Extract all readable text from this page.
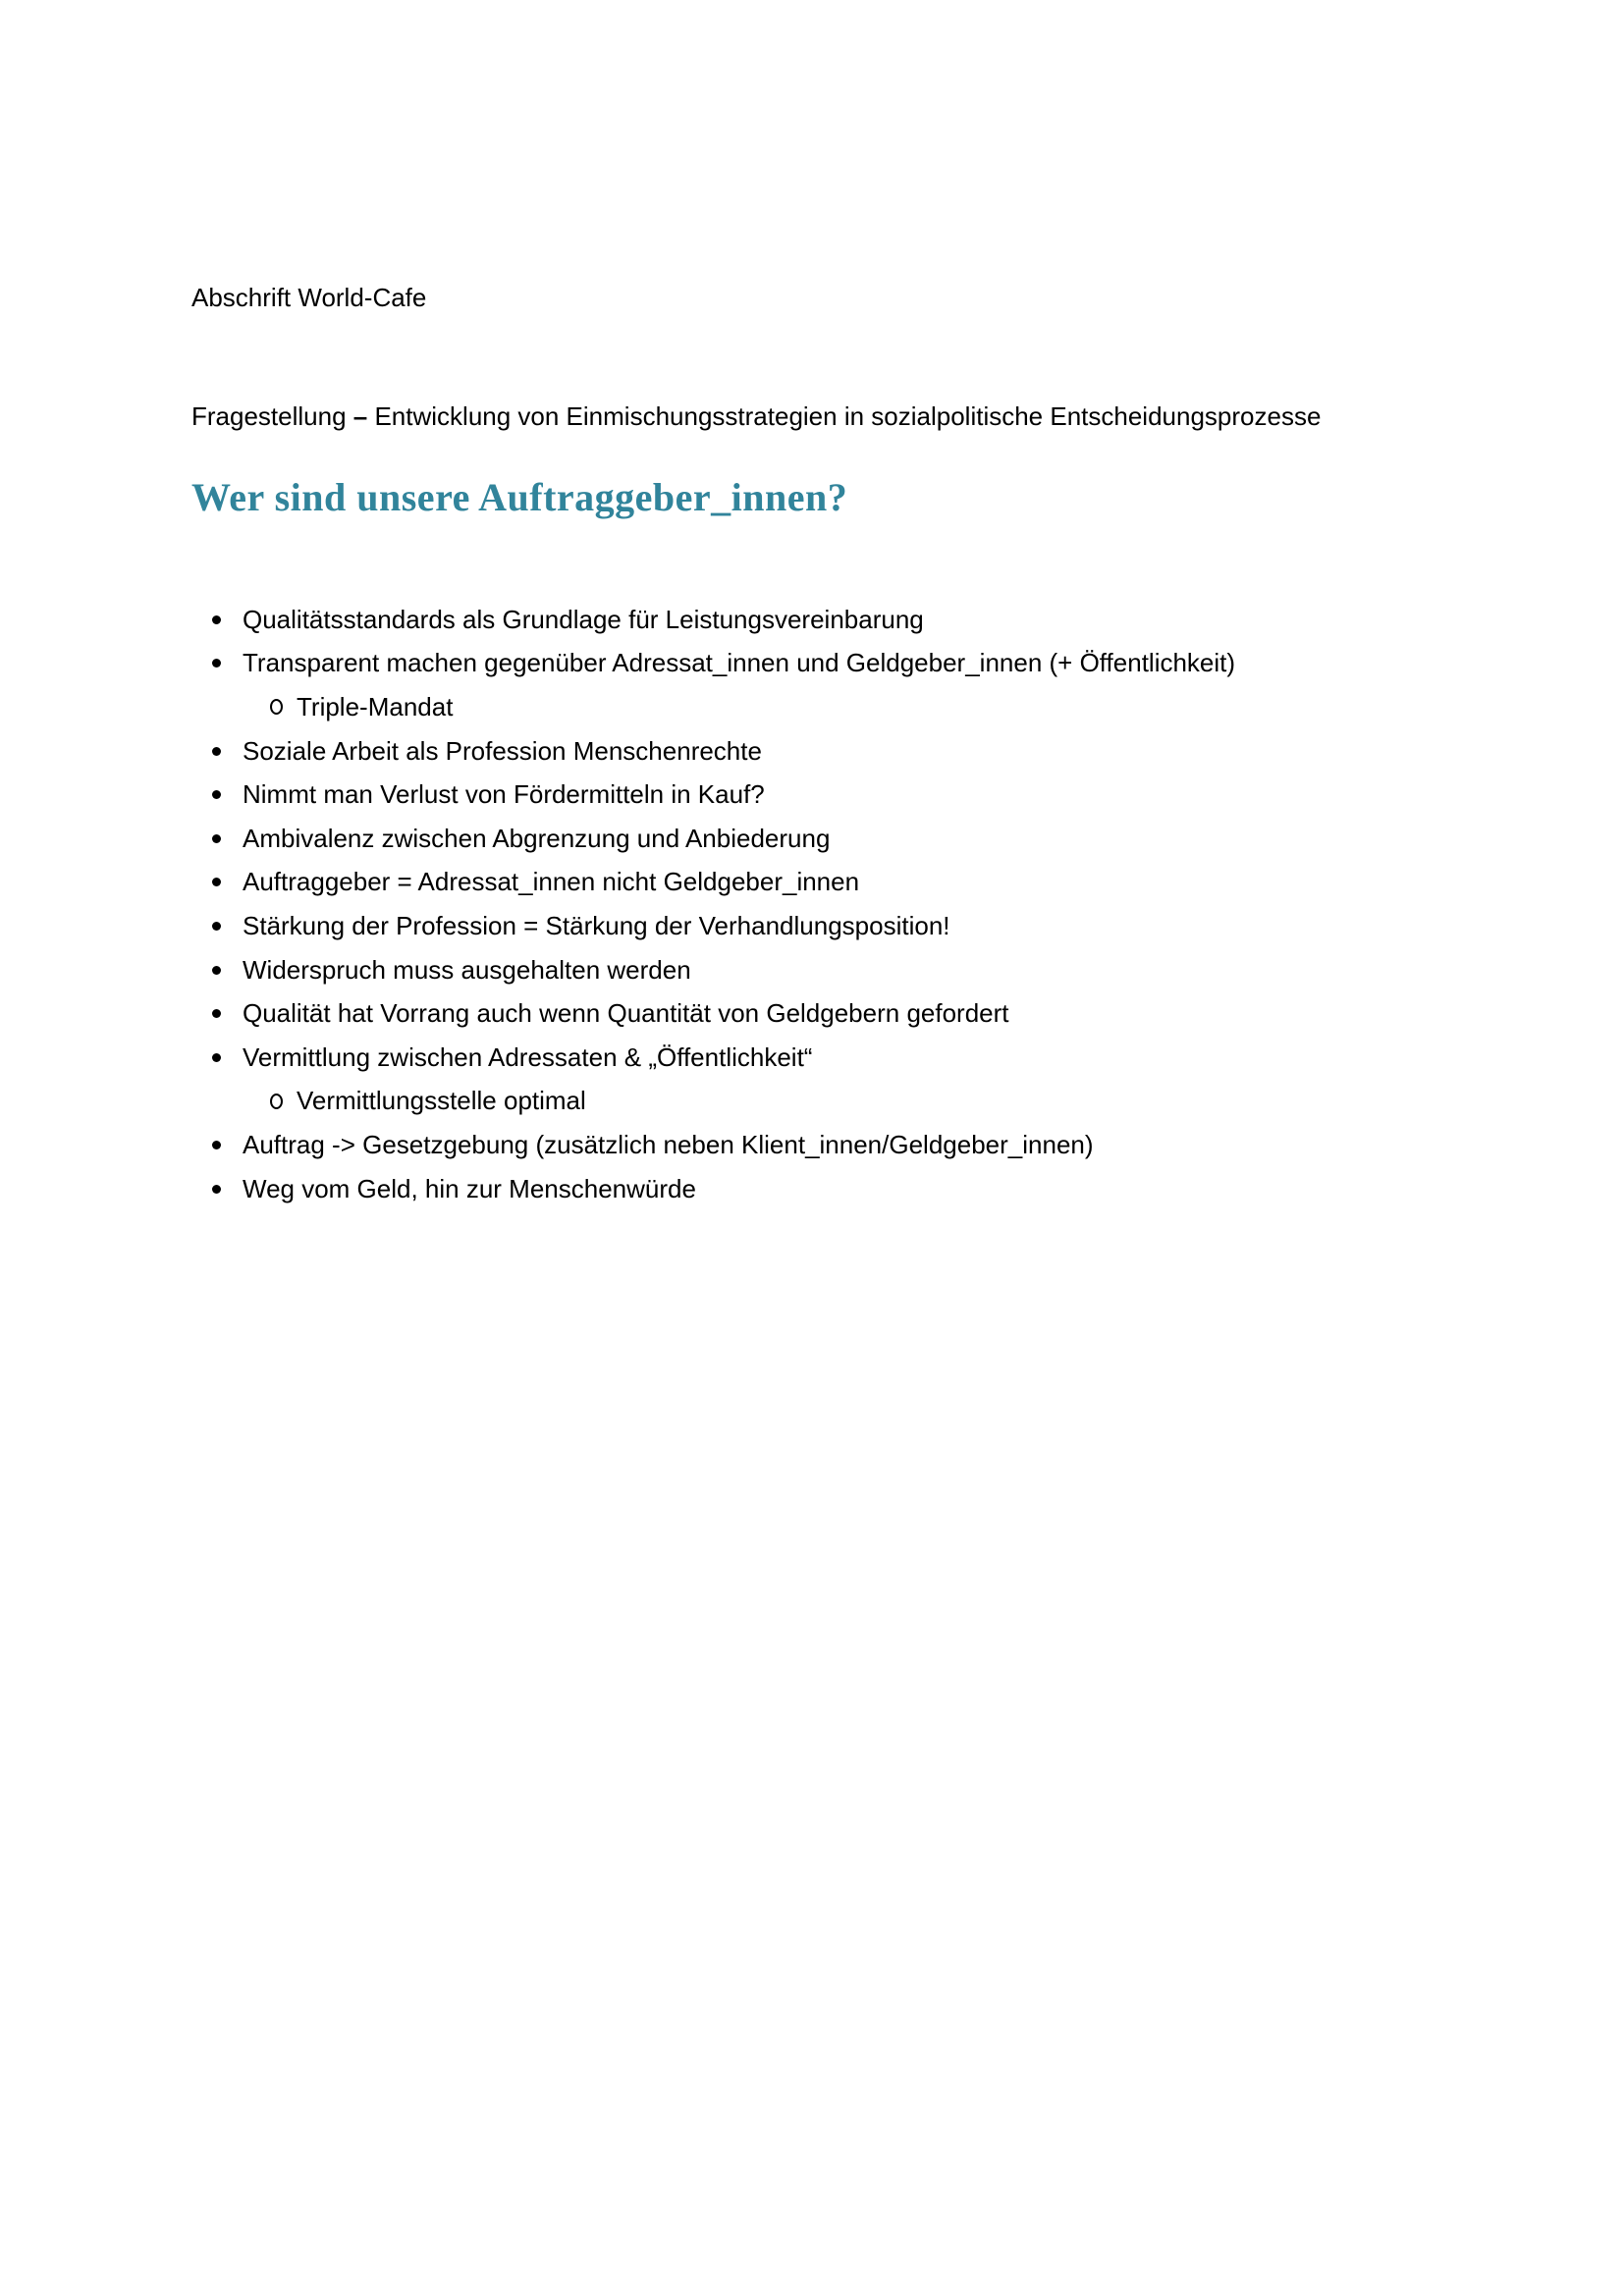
Abschrift World-Cafe

Fragestellung – Entwicklung von Einmischungsstrategien in sozialpolitische Entscheidungsprozesse

Wer sind unsere Auftraggeber_innen?
Qualitätsstandards als Grundlage für Leistungsvereinbarung
Transparent machen gegenüber Adressat_innen und Geldgeber_innen (+ Öffentlichkeit)
Triple-Mandat
Soziale Arbeit als Profession Menschenrechte
Nimmt man Verlust von Fördermitteln in Kauf?
Ambivalenz zwischen Abgrenzung und Anbiederung
Auftraggeber = Adressat_innen nicht Geldgeber_innen
Stärkung der Profession = Stärkung der Verhandlungsposition!
Widerspruch muss ausgehalten werden
Qualität hat Vorrang auch wenn Quantität von Geldgebern gefordert
Vermittlung zwischen Adressaten & „Öffentlichkeit“
Vermittlungsstelle optimal
Auftrag -> Gesetzgebung (zusätzlich neben Klient_innen/Geldgeber_innen)
Weg vom Geld, hin zur Menschenwürde
